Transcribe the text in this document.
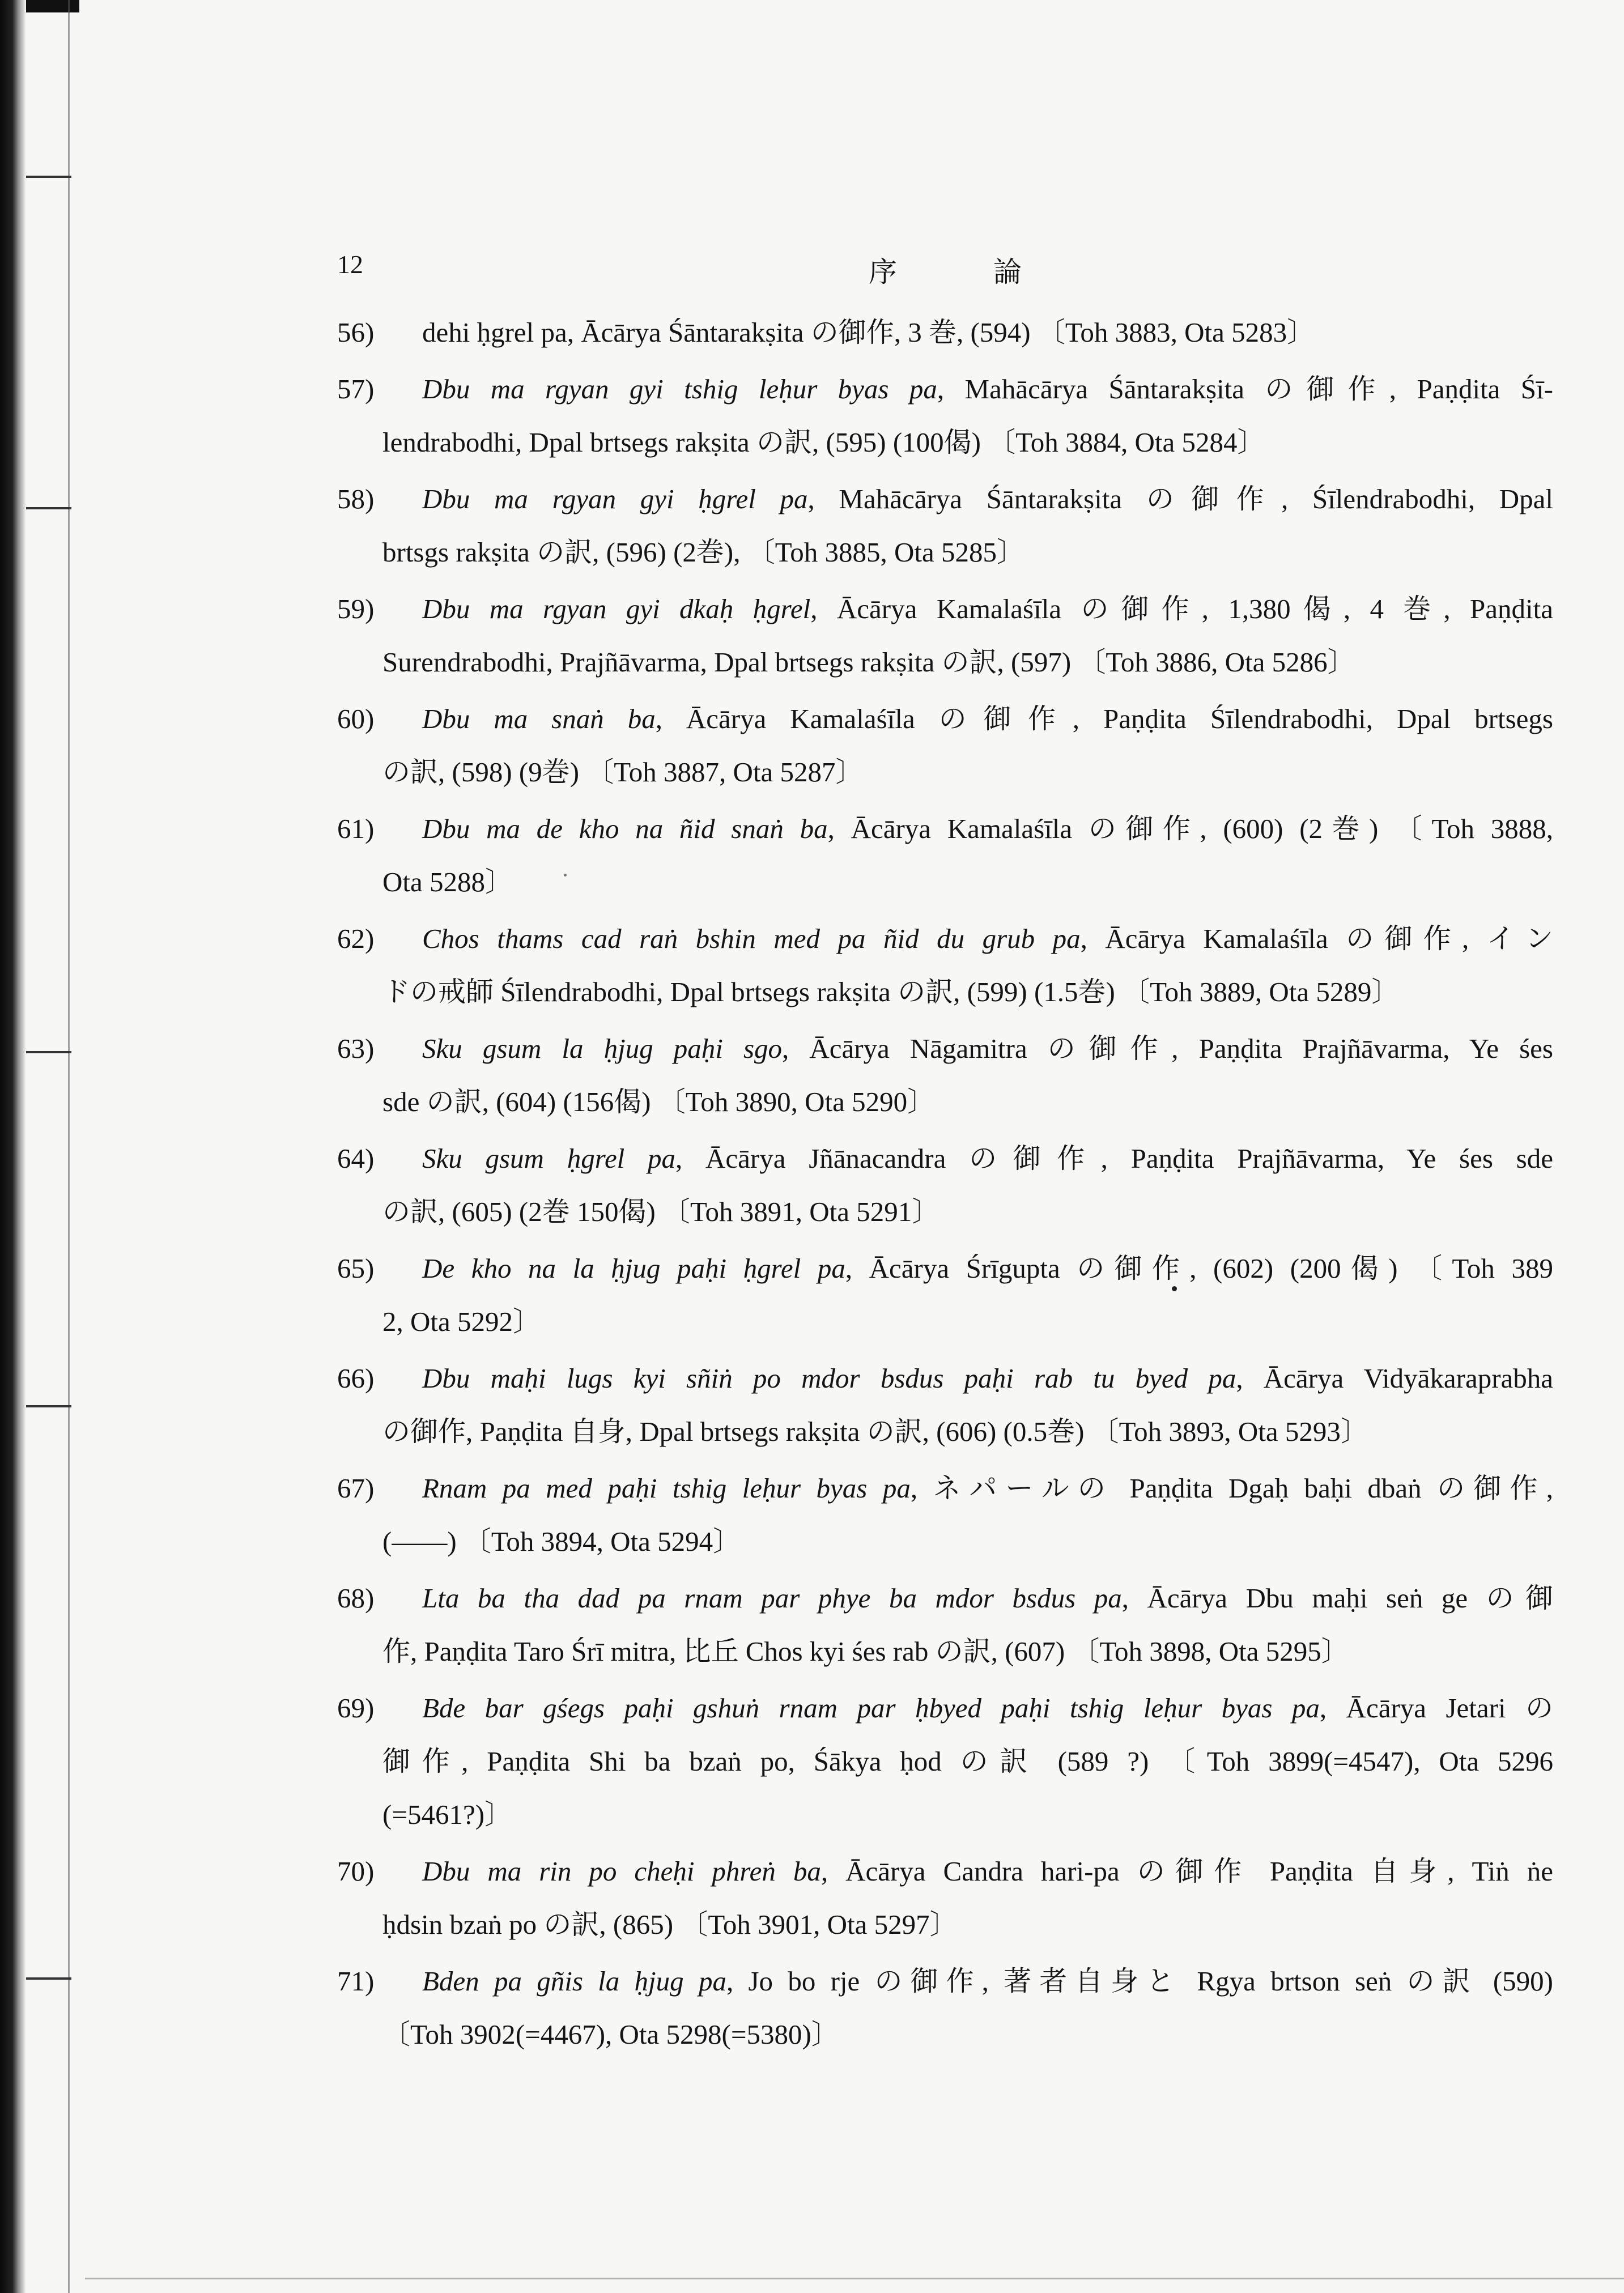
12	序　論
56)	dehi ḥgrel pa, Ācārya Śāntarakṣita の御作, 3 巻, (594) 〔Toh 3883, Ota 5283〕
57)	Dbu ma rgyan gyi tshig leḥur byas pa, Mahācārya Śāntarakṣita の御作, Paṇḍita Śī-
lendrabodhi, Dpal brtsegs rakṣita の訳, (595) (100偈) 〔Toh 3884, Ota 5284〕
58)	Dbu ma rgyan gyi ḥgrel pa, Mahācārya Śāntarakṣita の御作, Śīlendrabodhi, Dpal
brtsgs rakṣita の訳, (596) (2巻), 〔Toh 3885, Ota 5285〕
59)	Dbu ma rgyan gyi dkaḥ ḥgrel, Ācārya Kamalaśīla の御作, 1,380偈, 4 巻, Paṇḍita
Surendrabodhi, Prajñāvarma, Dpal brtsegs rakṣita の訳, (597) 〔Toh 3886, Ota 5286〕
60)	Dbu ma snaṅ ba, Ācārya Kamalaśīla の御作, Paṇḍita Śīlendrabodhi, Dpal brtsegs
の訳, (598) (9巻) 〔Toh 3887, Ota 5287〕
61)	Dbu ma de kho na ñid snaṅ ba, Ācārya Kamalaśīla の御作, (600) (2巻) 〔Toh 3888,
Ota 5288〕
62)	Chos thams cad raṅ bshin med pa ñid du grub pa, Ācārya Kamalaśīla の御作, イン
ドの戒師 Śīlendrabodhi, Dpal brtsegs rakṣita の訳, (599) (1.5巻) 〔Toh 3889, Ota 5289〕
63)	Sku gsum la ḥjug paḥi sgo, Ācārya Nāgamitra の御作, Paṇḍita Prajñāvarma, Ye śes
sde の訳, (604) (156偈) 〔Toh 3890, Ota 5290〕
64)	Sku gsum ḥgrel pa, Ācārya Jñānacandra の御作, Paṇḍita Prajñāvarma, Ye śes sde
の訳, (605) (2巻 150偈) 〔Toh 3891, Ota 5291〕
65)	De kho na la ḥjug paḥi ḥgrel pa, Ācārya Śrīgupta の御作, (602) (200偈) 〔Toh 389
2, Ota 5292〕
66)	Dbu maḥi lugs kyi sñiṅ po mdor bsdus paḥi rab tu byed pa, Ācārya Vidyākaraprabha
の御作, Paṇḍita 自身, Dpal brtsegs rakṣita の訳, (606) (0.5巻) 〔Toh 3893, Ota 5293〕
67)	Rnam pa med paḥi tshig leḥur byas pa, ネパールの Paṇḍita Dgaḥ baḥi dbaṅ の御作,
(——) 〔Toh 3894, Ota 5294〕
68)	Lta ba tha dad pa rnam par phye ba mdor bsdus pa, Ācārya Dbu maḥi seṅ ge の御
作, Paṇḍita Taro Śrī mitra, 比丘 Chos kyi śes rab の訳, (607) 〔Toh 3898, Ota 5295〕
69)	Bde bar gśegs paḥi gshuṅ rnam par ḥbyed paḥi tshig leḥur byas pa, Ācārya Jetari の
御作, Paṇḍita Shi ba bzaṅ po, Śākya ḥod の訳 (589 ?) 〔Toh 3899(=4547), Ota 5296
(=5461?)〕
70)	Dbu ma rin po cheḥi phreṅ ba, Ācārya Candra hari-pa の御作 Paṇḍita 自身, Tiṅ ṅe
ḥdsin bzaṅ po の訳, (865) 〔Toh 3901, Ota 5297〕
71)	Bden pa gñis la ḥjug pa, Jo bo rje の御作, 著者自身と Rgya brtson seṅ の訳 (590)
〔Toh 3902(=4467), Ota 5298(=5380)〕
